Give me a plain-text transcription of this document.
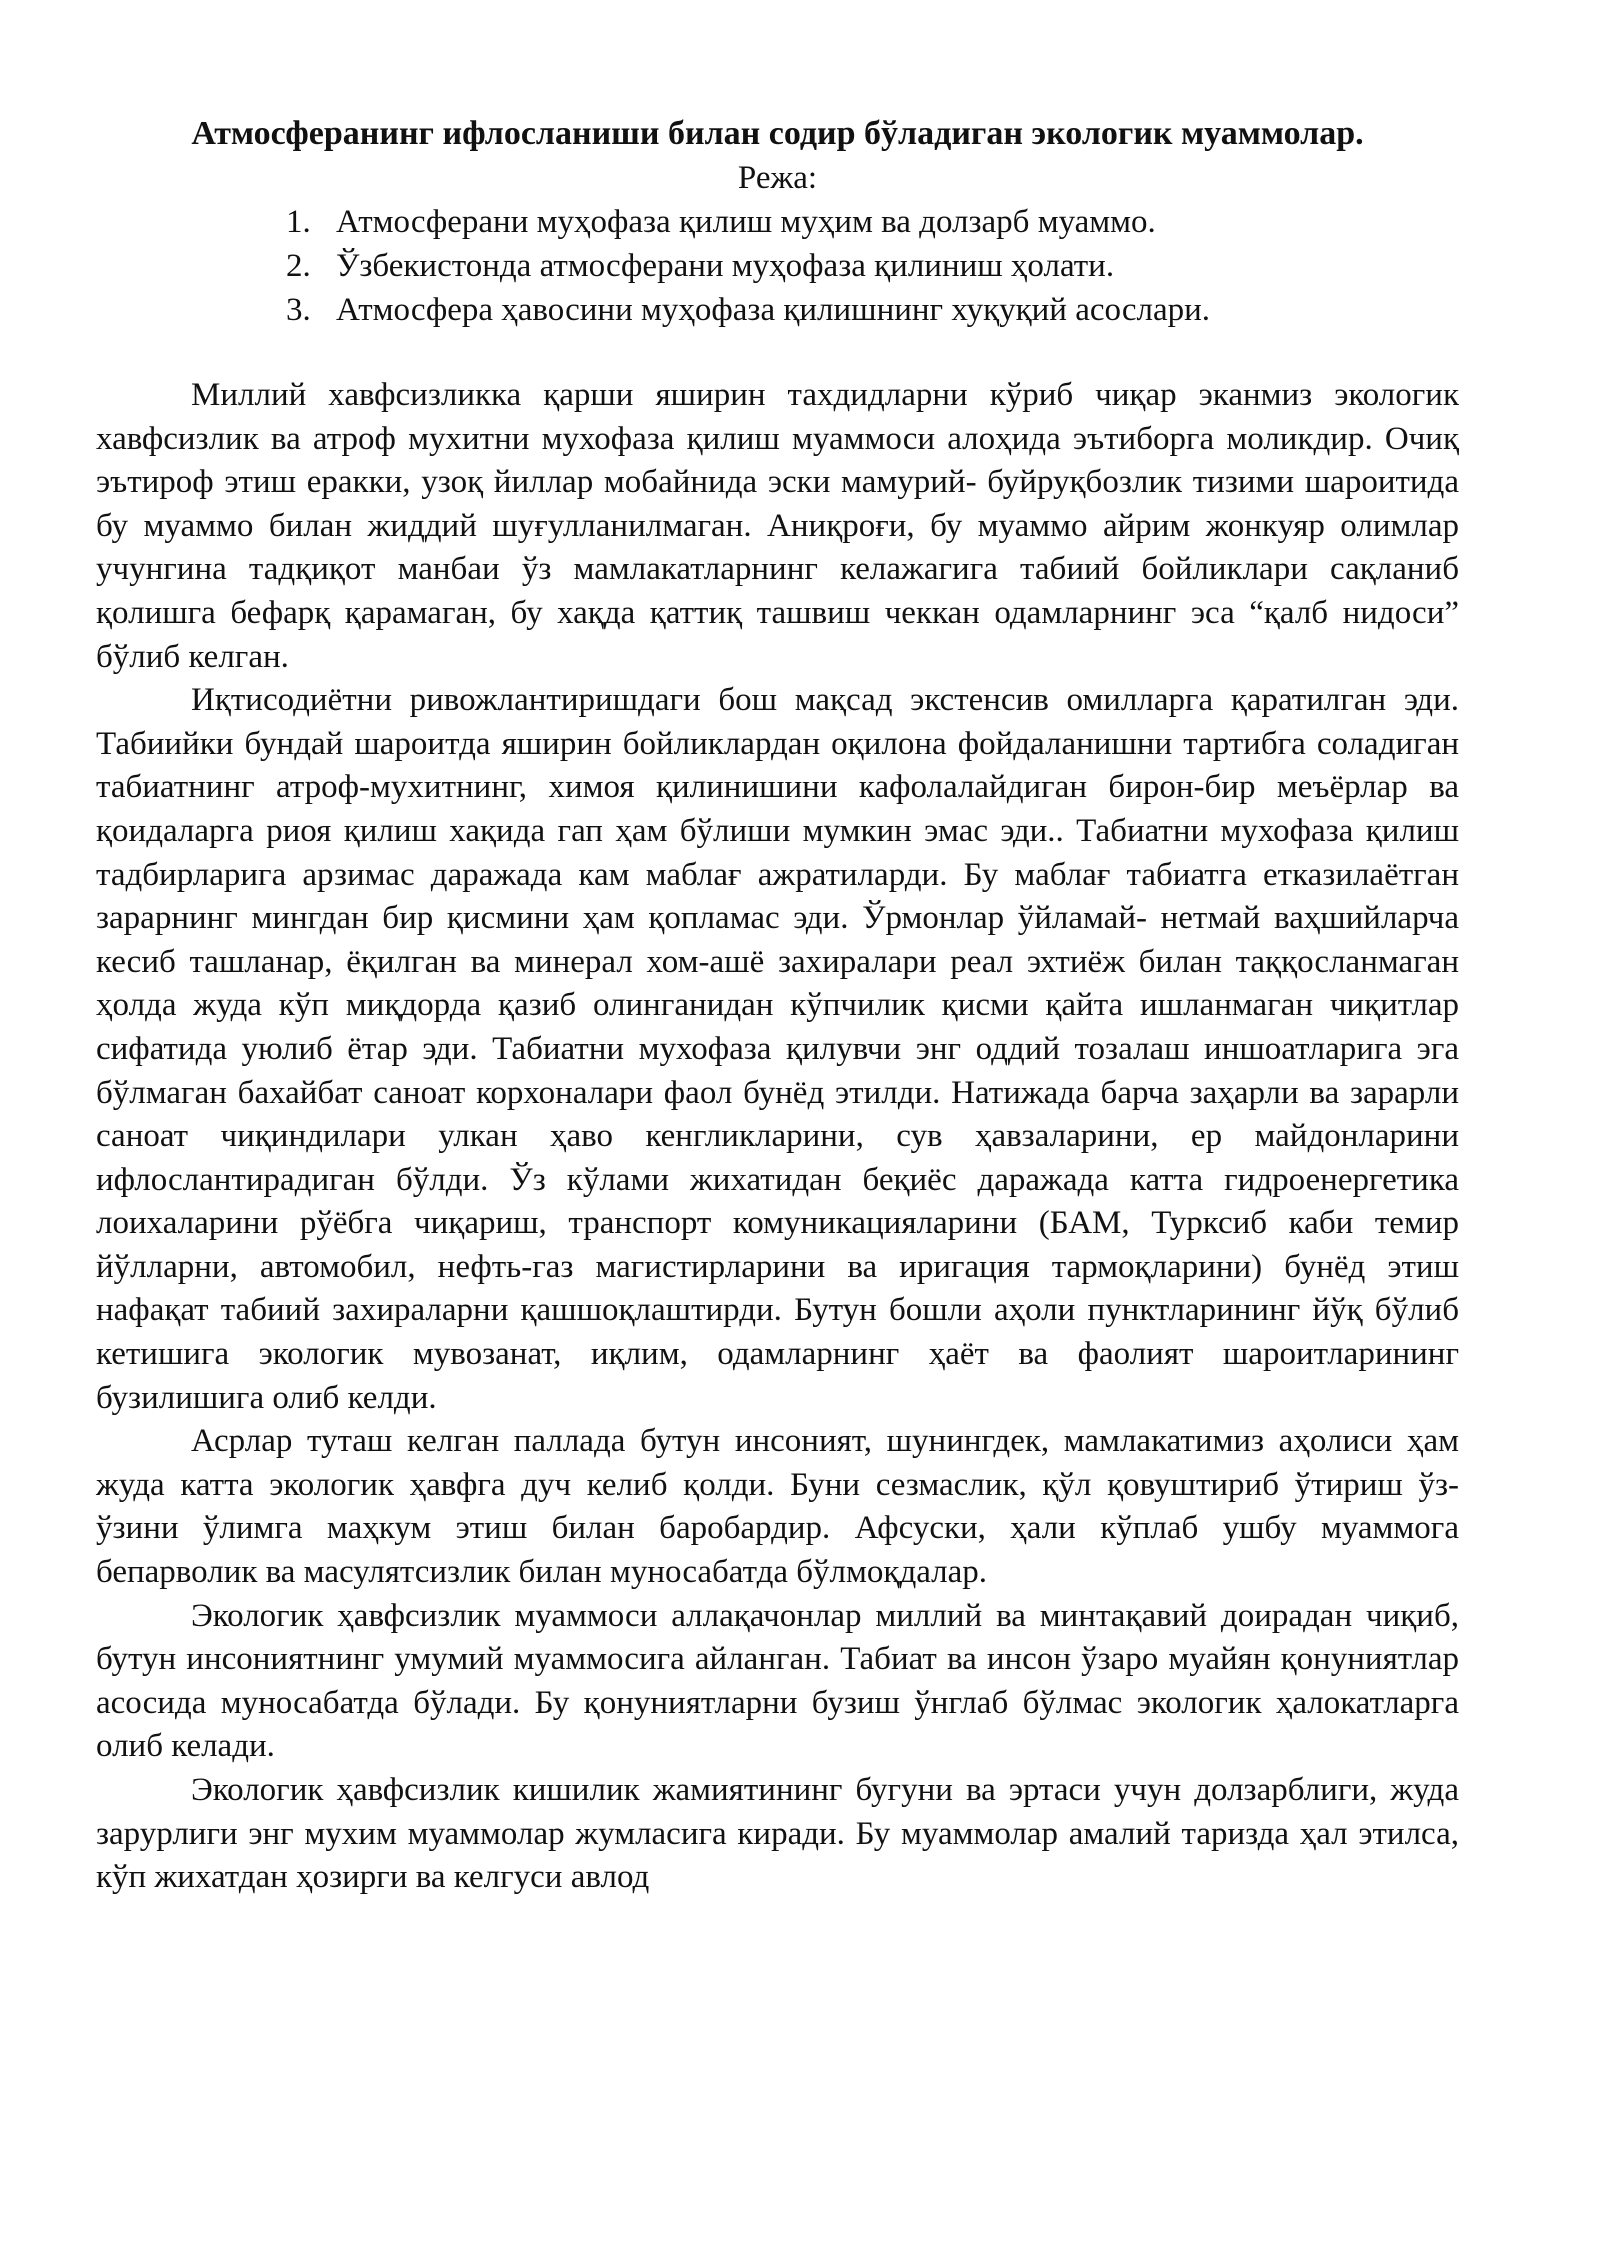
Атмосферанинг ифлосланиши билан содир бўладиган экологик муаммолар.
Режа:
1. Атмосферани муҳофаза қилиш муҳим ва долзарб муаммо.
2. Ўзбекистонда атмосферани муҳофаза қилиниш ҳолати.
3. Атмосфера ҳавосини муҳофаза қилишнинг хуқуқий асослари.

Миллий хавфсизликка қарши яширин тахдидларни кўриб чиқар эканмиз экологик хавфсизлик ва атроф мухитни мухофаза қилиш муаммоси алоҳида эътиборга моликдир. Очиқ эътироф этиш еракки, узоқ йиллар мобайнида эски мамурий- буйруқбозлик тизими шароитида бу муаммо билан жиддий шуғулланилмаган. Аниқроғи, бу муаммо айрим жонкуяр олимлар учунгина тадқиқот манбаи ўз мамлакатларнинг келажагига табиий бойликлари сақланиб қолишга бефарқ қарамаган, бу хақда қаттиқ ташвиш чеккан одамларнинг эса “қалб нидоси” бўлиб келган.

Иқтисодиётни ривожлантиришдаги бош мақсад экстенсив омилларга қаратилган эди. Табиийки бундай шароитда яширин бойликлардан оқилона фойдаланишни тартибга соладиган табиатнинг атроф-мухитнинг, химоя қилинишини кафолалайдиган бирон-бир меъёрлар ва қоидаларга риоя қилиш хақида гап ҳам бўлиши мумкин эмас эди.. Табиатни мухофаза қилиш тадбирларига арзимас даражада кам маблағ ажратиларди. Бу маблағ табиатга етказилаётган зарарнинг мингдан бир қисмини ҳам қопламас эди. Ўрмонлар ўйламай- нетмай ваҳшийларча кесиб ташланар, ёқилган ва минерал хом-ашё захиралари реал эхтиёж билан таққосланмаган ҳолда жуда кўп миқдорда қазиб олинганидан кўпчилик қисми қайта ишланмаган чиқитлар сифатида уюлиб ётар эди. Табиатни мухофаза қилувчи энг оддий тозалаш иншоатларига эга бўлмаган бахайбат саноат корхоналари фаол бунёд этилди. Натижада барча заҳарли ва зарарли саноат чиқиндилари улкан ҳаво кенгликларини, сув ҳавзаларини, ер майдонларини ифлослантирадиган бўлди. Ўз кўлами жихатидан беқиёс даражада катта гидроенергетика лоихаларини рўёбга чиқариш, транспорт комуникацияларини (БАМ, Турксиб каби темир йўлларни, автомобил, нефть-газ магистирларини ва иригация тармоқларини) бунёд этиш нафақат табиий захираларни қашшоқлаштирди. Бутун бошли аҳоли пунктларининг йўқ бўлиб кетишига экологик мувозанат, иқлим, одамларнинг ҳаёт ва фаолият шароитларининг бузилишига олиб келди.

Асрлар туташ келган паллада бутун инсоният, шунингдек, мамлакатимиз аҳолиси ҳам жуда катта экологик ҳавфга дуч келиб қолди. Буни сезмаслик, қўл қовуштириб ўтириш ўз- ўзини ўлимга маҳкум этиш билан баробардир. Афсуски, ҳали кўплаб ушбу муаммога бепарволик ва масулятсизлик билан муносабатда бўлмоқдалар.

Экологик ҳавфсизлик муаммоси аллақачонлар миллий ва минтақавий доирадан чиқиб, бутун инсониятнинг умумий муаммосига айланган. Табиат ва инсон ўзаро муайян қонуниятлар асосида муносабатда бўлади. Бу қонуниятларни бузиш ўнглаб бўлмас экологик ҳалокатларга олиб келади.

Экологик ҳавфсизлик кишилик жамиятининг бугуни ва эртаси учун долзарблиги, жуда зарурлиги энг мухим муаммолар жумласига киради. Бу муаммолар амалий таризда ҳал этилса, кўп жихатдан ҳозирги ва келгуси авлод
